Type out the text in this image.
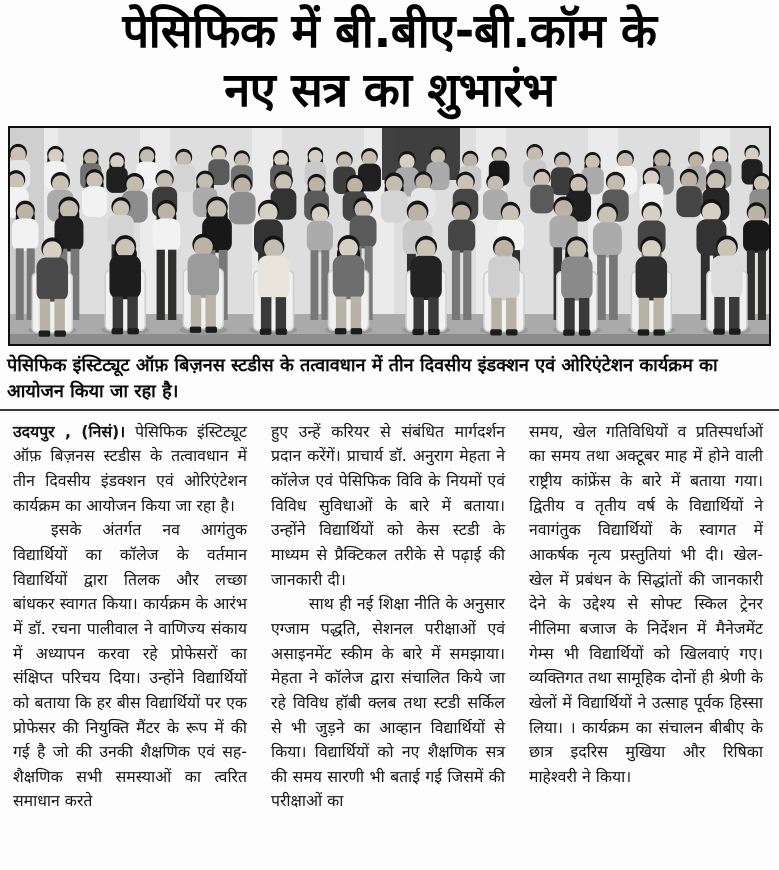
पेसिफिक में बी.बीए-बी.कॉम के
नए सत्र का शुभारंभ

पेसिफिक इंस्टिट्यूट ऑफ़ बिज़नस स्टडीस के तत्वावधान में तीन दिवसीय इंडक्शन एवं ओरिएंटेशन कार्यक्रम का आयोजन किया जा रहा है।

उदयपुर , (निसं)। पेसिफिक इंस्टिट्यूट ऑफ़ बिज़नस स्टडीस के तत्वावधान में तीन दिवसीय इंडक्शन एवं ओरिएंटेशन कार्यक्रम का आयोजन किया जा रहा है।

इसके अंतर्गत नव आगंतुक विद्यार्थियों का कॉलेज के वर्तमान विद्यार्थियों द्वारा तिलक और लच्छा बांधकर स्वागत किया। कार्यक्रम के आरंभ में डॉ. रचना पालीवाल ने वाणिज्य संकाय में अध्यापन करवा रहे प्रोफेसरों का संक्षिप्त परिचय दिया। उन्होंने विद्यार्थियों को बताया कि हर बीस विद्यार्थियों पर एक प्रोफेसर की नियुक्ति मैंटर के रूप में की गई है जो की उनकी शैक्षणिक एवं सह-शैक्षणिक सभी समस्याओं का त्वरित समाधान करते

हुए उन्हें करियर से संबंधित मार्गदर्शन प्रदान करेंगें। प्राचार्य डॉ. अनुराग मेहता ने कॉलेज एवं पेसिफिक विवि के नियमों एवं विविध सुविधाओं के बारे में बताया। उन्होंने विद्यार्थियों को केस स्टडी के माध्यम से प्रैक्टिकल तरीके से पढ़ाई की जानकारी दी।

साथ ही नई शिक्षा नीति के अनुसार एग्जाम पद्धति, सेशनल परीक्षाओं एवं असाइनमेंट स्कीम के बारे में समझाया। मेहता ने कॉलेज द्वारा संचालित किये जा रहे विविध हॉबी क्लब तथा स्टडी सर्किल से भी जुड़ने का आव्हान विद्यार्थियों से किया। विद्यार्थियों को नए शैक्षणिक सत्र की समय सारणी भी बताई गई जिसमें की परीक्षाओं का

समय, खेल गतिविधियों व प्रतिस्पर्धाओं का समय तथा अक्टूबर माह में होने वाली राष्ट्रीय कांफ्रेंस के बारे में बताया गया। द्वितीय व तृतीय वर्ष के विद्यार्थियों ने नवागंतुक विद्यार्थियों के स्वागत में आकर्षक नृत्य प्रस्तुतियां भी दी। खेल-खेल में प्रबंधन के सिद्धांतों की जानकारी देने के उद्देश्य से सोफ्ट स्किल ट्रेनर नीलिमा बजाज के निर्देशन में मैनेजमेंट गेम्स भी विद्यार्थियों को खिलवाएं गए। व्यक्तिगत तथा सामूहिक दोनों ही श्रेणी के खेलों में विद्यार्थियों ने उत्साह पूर्वक हिस्सा लिया। । कार्यक्रम का संचालन बीबीए के छात्र इदरिस मुखिया और रिषिका माहेश्वरी ने किया।
